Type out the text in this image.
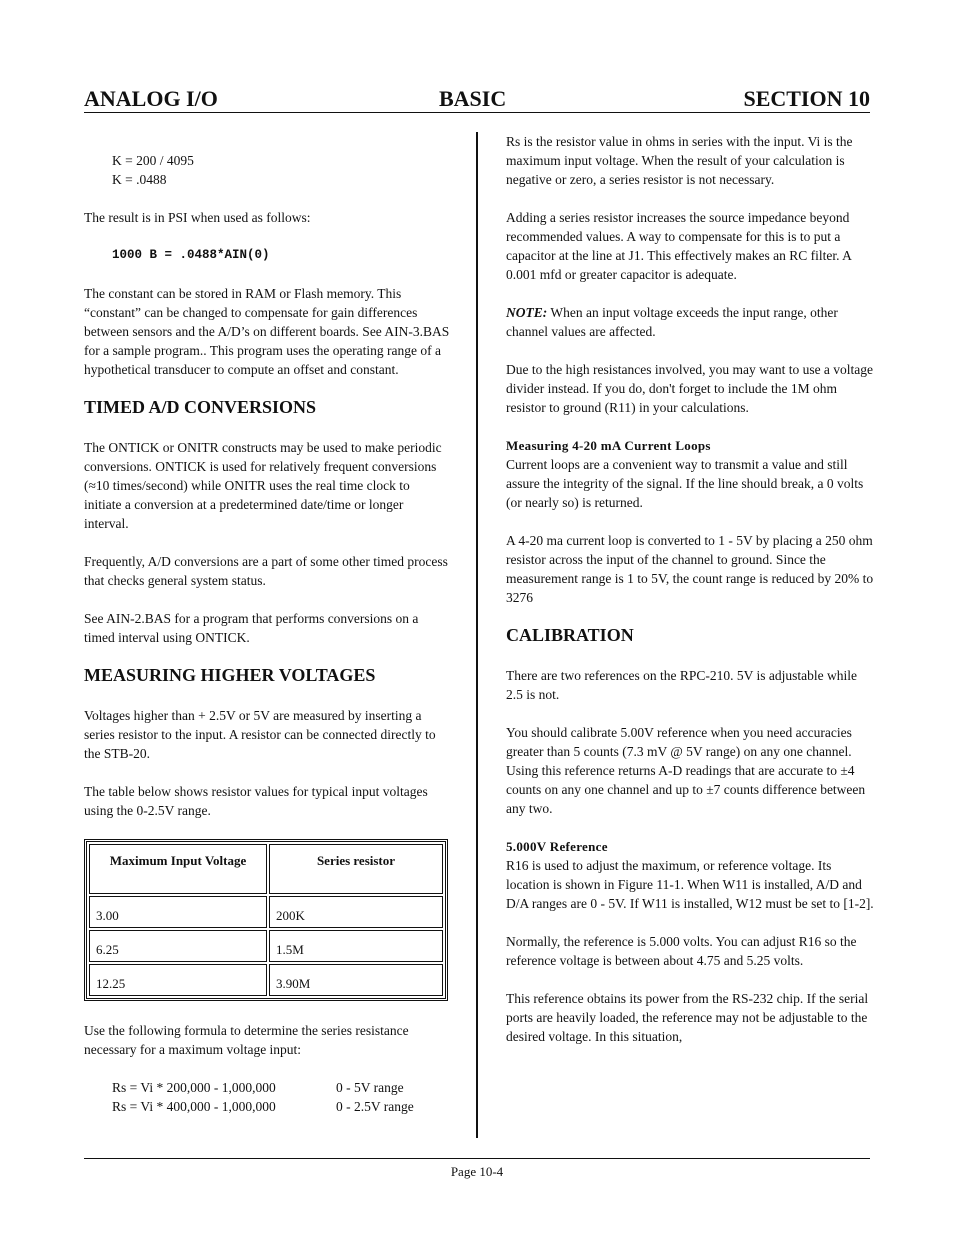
ANALOG I/O	BASIC	SECTION 10
K = 200 / 4095
K = .0488

The result is in PSI when used as follows:

1000 B = .0488*AIN(0)

The constant can be stored in RAM or Flash memory. This “constant” can be changed to compensate for gain differences between sensors and the A/D’s on different boards. See AIN-3.BAS for a sample program.. This program uses the operating range of a hypothetical transducer to compute an offset and constant.

TIMED A/D CONVERSIONS

The ONTICK or ONITR constructs may be used to make periodic conversions. ONTICK is used for relatively frequent conversions (≈10 times/second) while ONITR uses the real time clock to initiate a conversion at a predetermined date/time or longer interval.

Frequently, A/D conversions are a part of some other timed process that checks general system status.

See AIN-2.BAS for a program that performs conversions on a timed interval using ONTICK.

MEASURING HIGHER VOLTAGES

Voltages higher than + 2.5V or 5V are measured by inserting a series resistor to the input. A resistor can be connected directly to the STB-20.

The table below shows resistor values for typical input voltages using the 0-2.5V range.

Maximum Input Voltage	Series resistor
3.00	200K
6.25	1.5M
12.25	3.90M

Use the following formula to determine the series resistance necessary for a maximum voltage input:

Rs = Vi * 200,000 - 1,000,000	0 - 5V range
Rs = Vi * 400,000 - 1,000,000	0 - 2.5V range

Rs is the resistor value in ohms in series with the input. Vi is the maximum input voltage. When the result of your calculation is negative or zero, a series resistor is not necessary.

Adding a series resistor increases the source impedance beyond recommended values. A way to compensate for this is to put a capacitor at the line at J1. This effectively makes an RC filter. A 0.001 mfd or greater capacitor is adequate.

NOTE: When an input voltage exceeds the input range, other channel values are affected.

Due to the high resistances involved, you may want to use a voltage divider instead. If you do, don't forget to include the 1M ohm resistor to ground (R11) in your calculations.

Measuring 4-20 mA Current Loops

Current loops are a convenient way to transmit a value and still assure the integrity of the signal. If the line should break, a 0 volts (or nearly so) is returned.

A 4-20 ma current loop is converted to 1 - 5V by placing a 250 ohm resistor across the input of the channel to ground. Since the measurement range is 1 to 5V, the count range is reduced by 20% to 3276

CALIBRATION

There are two references on the RPC-210. 5V is adjustable while 2.5 is not.

You should calibrate 5.00V reference when you need accuracies greater than 5 counts (7.3 mV @ 5V range) on any one channel. Using this reference returns A-D readings that are accurate to ±4 counts on any one channel and up to ±7 counts difference between any two.

5.000V Reference

R16 is used to adjust the maximum, or reference voltage. Its location is shown in Figure 11-1. When W11 is installed, A/D and D/A ranges are 0 - 5V. If W11 is installed, W12 must be set to [1-2].

Normally, the reference is 5.000 volts. You can adjust R16 so the reference voltage is between about 4.75 and 5.25 volts.

This reference obtains its power from the RS-232 chip. If the serial ports are heavily loaded, the reference may not be adjustable to the desired voltage. In this situation,

Page 10-4
